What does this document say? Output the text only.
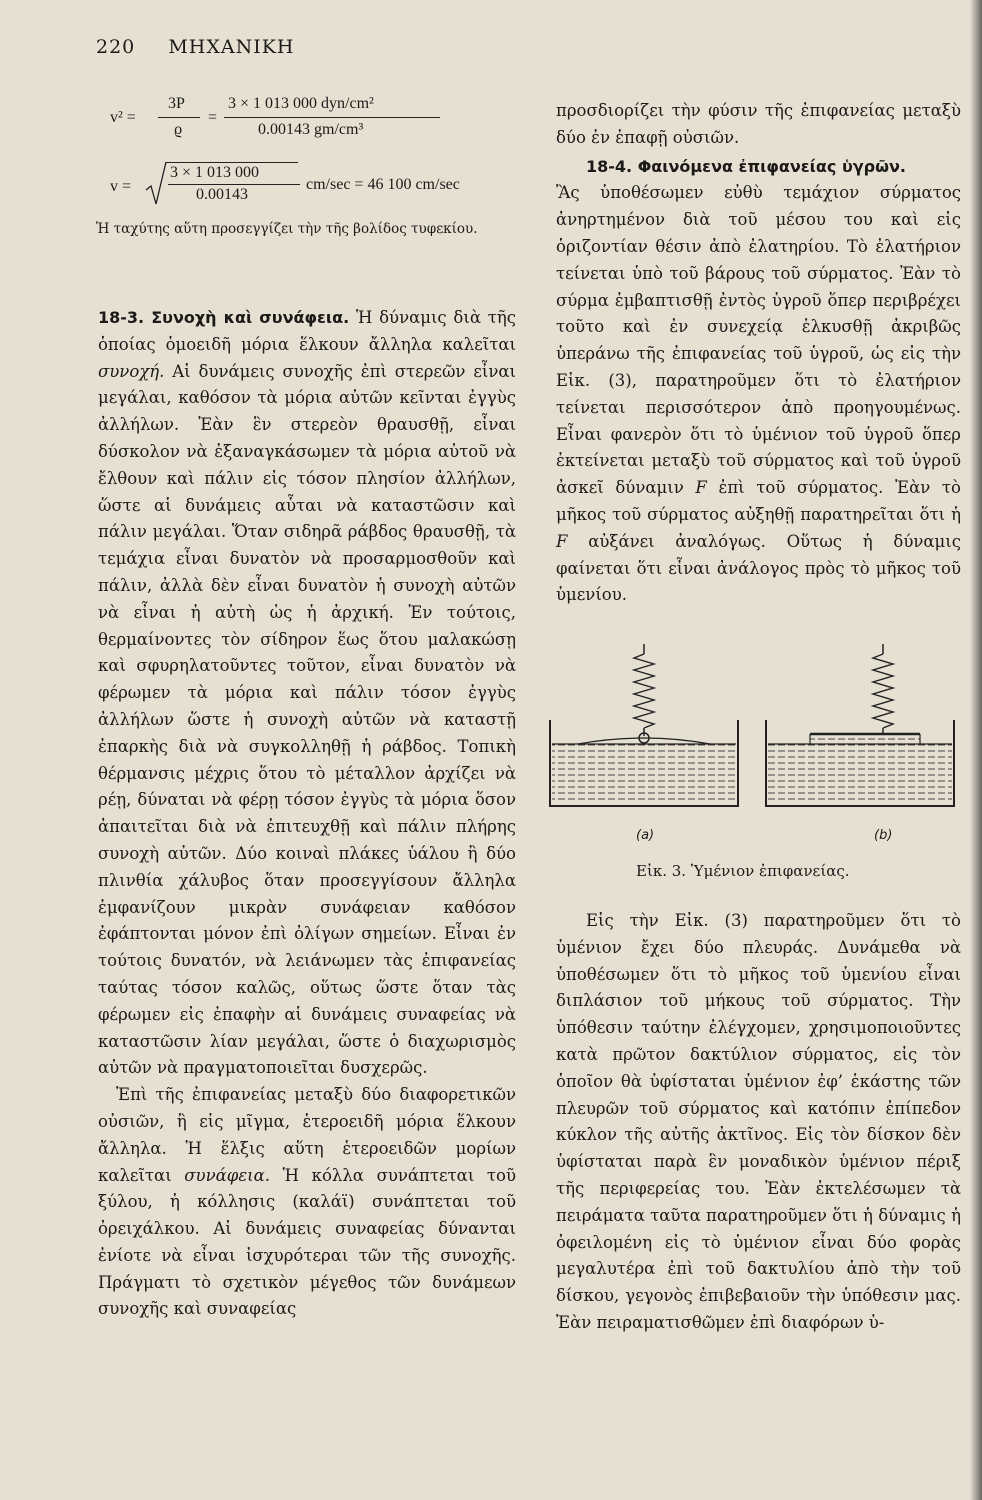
220 ΜΗΧΑΝΙΚΗ
v² =
3P
ϱ
=
3 × 1 013 000 dyn/cm²
0.00143 gm/cm³
v =
3 × 1 013 000
0.00143
cm/sec = 46 100 cm/sec
Ἡ ταχύτης αὕτη προσεγγίζει τὴν τῆς βολίδος τυφεκίου.

18-3. Συνοχὴ καὶ συνάφεια. Ἡ δύναμις διὰ τῆς ὁποίας ὁμοειδῆ μόρια ἕλκουν ἄλληλα καλεῖται συνοχή. Αἱ δυνάμεις συνοχῆς ἐπὶ στερεῶν εἶναι μεγάλαι, καθόσον τὰ μόρια αὐτῶν κεῖνται ἐγγὺς ἀλλήλων. Ἐὰν ἓν στερεὸν θραυσθῇ, εἶναι δύσκολον νὰ ἐξαναγκάσωμεν τὰ μόρια αὐτοῦ νὰ ἔλθουν καὶ πάλιν εἰς τόσον πλησίον ἀλλήλων, ὥστε αἱ δυνάμεις αὗται νὰ καταστῶσιν καὶ πάλιν μεγάλαι. Ὅταν σιδηρᾶ ράβδος θραυσθῇ, τὰ τεμάχια εἶναι δυνατὸν νὰ προσαρμοσθοῦν καὶ πάλιν, ἀλλὰ δὲν εἶναι δυνατὸν ἡ συνοχὴ αὐτῶν νὰ εἶναι ἡ αὐτὴ ὡς ἡ ἀρχική. Ἐν τούτοις, θερμαίνοντες τὸν σίδηρον ἕως ὅτου μαλακώσῃ καὶ σφυρηλατοῦντες τοῦτον, εἶναι δυνατὸν νὰ φέρωμεν τὰ μόρια καὶ πάλιν τόσον ἐγγὺς ἀλλήλων ὥστε ἡ συνοχὴ αὐτῶν νὰ καταστῇ ἐπαρκὴς διὰ νὰ συγκολληθῇ ἡ ράβδος. Τοπικὴ θέρμανσις μέχρις ὅτου τὸ μέταλλον ἀρχίζει νὰ ρέῃ, δύναται νὰ φέρῃ τόσον ἐγγὺς τὰ μόρια ὅσον ἀπαιτεῖται διὰ νὰ ἐπιτευχθῇ καὶ πάλιν πλήρης συνοχὴ αὐτῶν. Δύο κοιναὶ πλάκες ὑάλου ἢ δύο πλινθία χάλυβος ὅταν προσεγγίσουν ἄλληλα ἐμφανίζουν μικρὰν συνάφειαν καθόσον ἐφάπτονται μόνον ἐπὶ ὀλίγων σημείων. Εἶναι ἐν τούτοις δυνατόν, νὰ λειάνωμεν τὰς ἐπιφανείας ταύτας τόσον καλῶς, οὕτως ὥστε ὅταν τὰς φέρωμεν εἰς ἐπαφὴν αἱ δυνάμεις συναφείας νὰ καταστῶσιν λίαν μεγάλαι, ὥστε ὁ διαχωρισμὸς αὐτῶν νὰ πραγματοποιεῖται δυσχερῶς.

Ἐπὶ τῆς ἐπιφανείας μεταξὺ δύο διαφορετικῶν οὐσιῶν, ἢ εἰς μῖγμα, ἑτεροειδῆ μόρια ἕλκουν ἄλληλα. Ἡ ἕλξις αὕτη ἑτεροειδῶν μορίων καλεῖται συνάφεια. Ἡ κόλλα συνάπτεται τοῦ ξύλου, ἡ κόλλησις (καλάϊ) συνάπτεται τοῦ ὀρειχάλκου. Αἱ δυνάμεις συναφείας δύνανται ἐνίοτε νὰ εἶναι ἰσχυρότεραι τῶν τῆς συνοχῆς. Πράγματι τὸ σχετικὸν μέγεθος τῶν δυνάμεων συνοχῆς καὶ συναφείας

προσδιορίζει τὴν φύσιν τῆς ἐπιφανείας μεταξὺ δύο ἐν ἐπαφῇ οὐσιῶν.

18-4. Φαινόμενα ἐπιφανείας ὑγρῶν.

Ἂς ὑποθέσωμεν εὐθὺ τεμάχιον σύρματος ἀνηρτημένον διὰ τοῦ μέσου του καὶ εἰς ὁριζοντίαν θέσιν ἀπὸ ἐλατηρίου. Τὸ ἐλατήριον τείνεται ὑπὸ τοῦ βάρους τοῦ σύρματος. Ἐὰν τὸ σύρμα ἐμβαπτισθῇ ἐντὸς ὑγροῦ ὅπερ περιβρέχει τοῦτο καὶ ἐν συνεχείᾳ ἑλκυσθῇ ἀκριβῶς ὑπεράνω τῆς ἐπιφανείας τοῦ ὑγροῦ, ὡς εἰς τὴν Εἰκ. (3), παρατηροῦμεν ὅτι τὸ ἐλατήριον τείνεται περισσότερον ἀπὸ προηγουμένως. Εἶναι φανερὸν ὅτι τὸ ὑμένιον τοῦ ὑγροῦ ὅπερ ἐκτείνεται μεταξὺ τοῦ σύρματος καὶ τοῦ ὑγροῦ ἀσκεῖ δύναμιν F ἐπὶ τοῦ σύρματος. Ἐὰν τὸ μῆκος τοῦ σύρματος αὐξηθῇ παρατηρεῖται ὅτι ἡ F αὐξάνει ἀναλόγως. Οὕτως ἡ δύναμις φαίνεται ὅτι εἶναι ἀνάλογος πρὸς τὸ μῆκος τοῦ ὑμενίου.

(a)	(b)
Εἰκ. 3. Ὑμένιον ἐπιφανείας.

Εἰς τὴν Εἰκ. (3) παρατηροῦμεν ὅτι τὸ ὑμένιον ἔχει δύο πλευράς. Δυνάμεθα νὰ ὑποθέσωμεν ὅτι τὸ μῆκος τοῦ ὑμενίου εἶναι διπλάσιον τοῦ μήκους τοῦ σύρματος. Τὴν ὑπόθεσιν ταύτην ἐλέγχομεν, χρησιμοποιοῦντες κατὰ πρῶτον δακτύλιον σύρματος, εἰς τὸν ὁποῖον θὰ ὑφίσταται ὑμένιον ἐφ’ ἑκάστης τῶν πλευρῶν τοῦ σύρματος καὶ κατόπιν ἐπίπεδον κύκλον τῆς αὐτῆς ἀκτῖνος. Εἰς τὸν δίσκον δὲν ὑφίσταται παρὰ ἓν μοναδικὸν ὑμένιον πέριξ τῆς περιφερείας του. Ἐὰν ἐκτελέσωμεν τὰ πειράματα ταῦτα παρατηροῦμεν ὅτι ἡ δύναμις ἡ ὀφειλομένη εἰς τὸ ὑμένιον εἶναι δύο φορὰς μεγαλυτέρα ἐπὶ τοῦ δακτυλίου ἀπὸ τὴν τοῦ δίσκου, γεγονὸς ἐπιβεβαιοῦν τὴν ὑπόθεσιν μας. Ἐὰν πειραματισθῶμεν ἐπὶ διαφόρων ὑ-
